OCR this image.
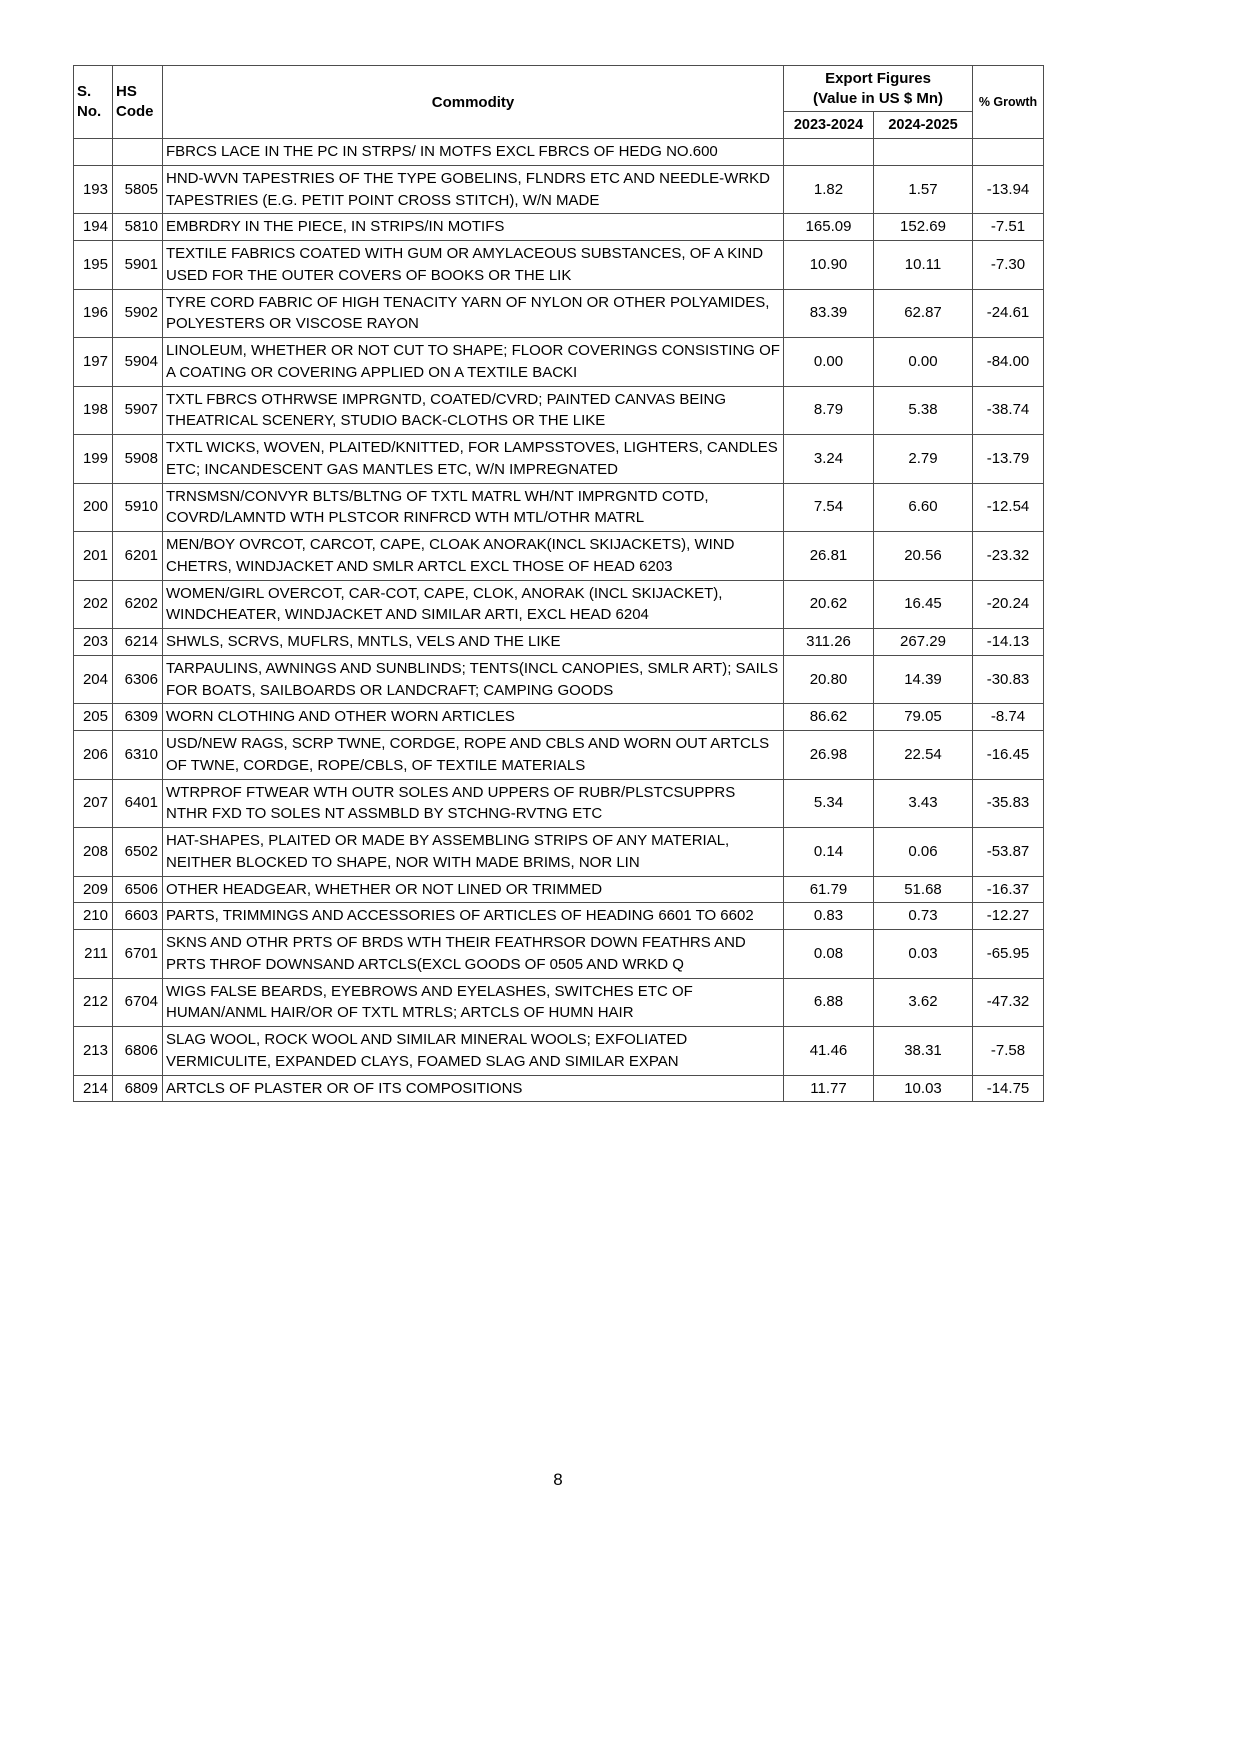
S. No.	HS Code	Commodity	Export Figures
(Value in US $ Mn)		% Growth
			2023-2024	2024-2025	
		FBRCS LACE IN THE PC IN STRPS/ IN MOTFS EXCL FBRCS OF HEDG NO.600			
193	5805	HND-WVN TAPESTRIES OF THE TYPE GOBELINS, FLNDRS ETC AND NEEDLE-WRKD TAPESTRIES (E.G. PETIT POINT CROSS STITCH), W/N MADE	1.82	1.57	-13.94
194	5810	EMBRDRY IN THE PIECE, IN STRIPS/IN MOTIFS	165.09	152.69	-7.51
195	5901	TEXTILE FABRICS COATED WITH GUM OR AMYLACEOUS SUBSTANCES, OF A KIND USED FOR THE OUTER COVERS OF BOOKS OR THE LIK	10.90	10.11	-7.30
196	5902	TYRE CORD FABRIC OF HIGH TENACITY YARN OF NYLON OR OTHER POLYAMIDES, POLYESTERS OR VISCOSE RAYON	83.39	62.87	-24.61
197	5904	LINOLEUM, WHETHER OR NOT CUT TO SHAPE; FLOOR COVERINGS CONSISTING OF A COATING OR COVERING APPLIED ON A TEXTILE BACKI	0.00	0.00	-84.00
198	5907	TXTL FBRCS OTHRWSE IMPRGNTD, COATED/CVRD; PAINTED CANVAS BEING THEATRICAL SCENERY, STUDIO BACK-CLOTHS OR THE LIKE	8.79	5.38	-38.74
199	5908	TXTL WICKS, WOVEN, PLAITED/KNITTED, FOR LAMPSSTOVES, LIGHTERS, CANDLES ETC; INCANDESCENT GAS MANTLES ETC, W/N IMPREGNATED	3.24	2.79	-13.79
200	5910	TRNSMSN/CONVYR BLTS/BLTNG OF TXTL MATRL WH/NT IMPRGNTD COTD, COVRD/LAMNTD WTH PLSTCOR RINFRCD WTH MTL/OTHR MATRL	7.54	6.60	-12.54
201	6201	MEN/BOY OVRCOT, CARCOT, CAPE, CLOAK ANORAK(INCL SKIJACKETS), WIND CHETRS, WINDJACKET AND SMLR ARTCL EXCL THOSE OF HEAD 6203	26.81	20.56	-23.32
202	6202	WOMEN/GIRL OVERCOT, CAR-COT, CAPE, CLOK, ANORAK (INCL SKIJACKET), WINDCHEATER, WINDJACKET AND SIMILAR ARTI, EXCL HEAD 6204	20.62	16.45	-20.24
203	6214	SHWLS, SCRVS, MUFLRS, MNTLS, VELS AND THE LIKE	311.26	267.29	-14.13
204	6306	TARPAULINS, AWNINGS AND SUNBLINDS; TENTS(INCL CANOPIES, SMLR ART); SAILS FOR BOATS, SAILBOARDS OR LANDCRAFT; CAMPING GOODS	20.80	14.39	-30.83
205	6309	WORN CLOTHING AND OTHER WORN ARTICLES	86.62	79.05	-8.74
206	6310	USD/NEW RAGS, SCRP TWNE, CORDGE, ROPE AND CBLS AND WORN OUT ARTCLS OF TWNE, CORDGE, ROPE/CBLS, OF TEXTILE MATERIALS	26.98	22.54	-16.45
207	6401	WTRPROF FTWEAR WTH OUTR SOLES AND UPPERS OF RUBR/PLSTCSUPPRS NTHR FXD TO SOLES NT ASSMBLD BY STCHNG-RVTNG ETC	5.34	3.43	-35.83
208	6502	HAT-SHAPES, PLAITED OR MADE BY ASSEMBLING STRIPS OF ANY MATERIAL, NEITHER BLOCKED TO SHAPE, NOR WITH MADE BRIMS, NOR LIN	0.14	0.06	-53.87
209	6506	OTHER HEADGEAR, WHETHER OR NOT LINED OR TRIMMED	61.79	51.68	-16.37
210	6603	PARTS, TRIMMINGS AND ACCESSORIES OF ARTICLES OF HEADING 6601 TO 6602	0.83	0.73	-12.27
211	6701	SKNS AND OTHR PRTS OF BRDS WTH THEIR FEATHRSOR DOWN FEATHRS AND PRTS THROF DOWNSAND ARTCLS(EXCL GOODS OF 0505 AND WRKD Q	0.08	0.03	-65.95
212	6704	WIGS FALSE BEARDS, EYEBROWS AND EYELASHES, SWITCHES ETC OF HUMAN/ANML HAIR/OR OF TXTL MTRLS; ARTCLS OF HUMN HAIR	6.88	3.62	-47.32
213	6806	SLAG WOOL, ROCK WOOL AND SIMILAR MINERAL WOOLS; EXFOLIATED VERMICULITE, EXPANDED CLAYS, FOAMED SLAG AND SIMILAR EXPAN	41.46	38.31	-7.58
214	6809	ARTCLS OF PLASTER OR OF ITS COMPOSITIONS	11.77	10.03	-14.75
8
